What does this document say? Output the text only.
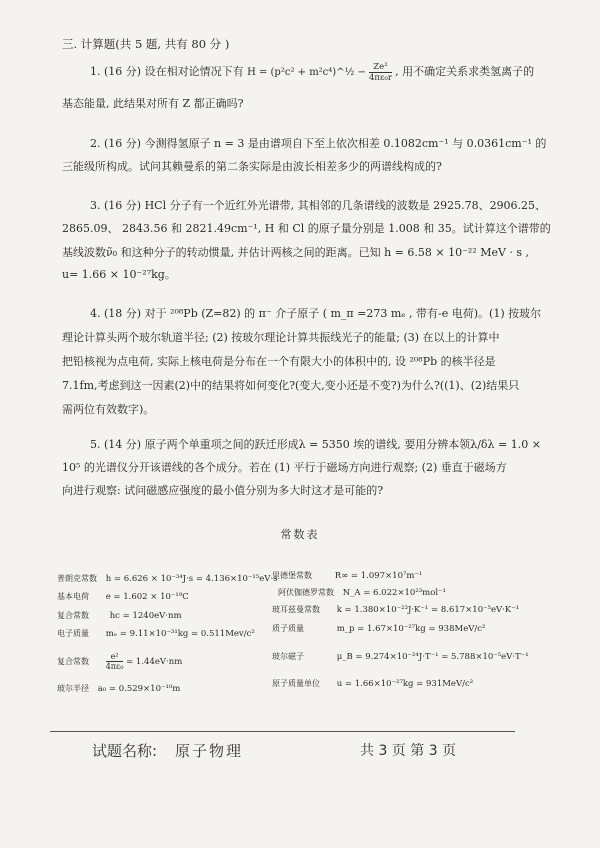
三. 计算题(共 5 题, 共有 80 分 )
1. (16 分) 设在相对论情况下有 H = (p²c² + m²c⁴)^½ − $\frac{\text{Ze²}}{\text{4πε₀r}}$ , 用不确定关系求类氢离子的
基态能量, 此结果对所有 Z 都正确吗?
2. (16 分) 今测得氢原子 n = 3 是由谱项自下至上依次相差 0.1082cm⁻¹ 与 0.0361cm⁻¹ 的
三能级所构成。试问其赖曼系的第二条实际是由波长相差多少的两谱线构成的?
3. (16 分) HCl 分子有一个近红外光谱带, 其相邻的几条谱线的波数是 2925.78、2906.25、
2865.09、 2843.56 和 2821.49cm⁻¹, H 和 Cl 的原子量分别是 1.008 和 35。试计算这个谱带的
基线波数ν̃₀ 和这种分子的转动惯量, 并估计两核之间的距离。已知 h = 6.58 × 10⁻²² MeV · s ,
u= 1.66 × 10⁻²⁷kg。
4. (18 分) 对于 ²⁰⁸Pb (Z=82) 的 π⁻ 介子原子 ( m_π =273 mₑ , 带有-e 电荷)。(1) 按玻尔
理论计算头两个玻尔轨道半径; (2) 按玻尔理论计算共振线光子的能量; (3) 在以上的计算中
把铅核视为点电荷, 实际上核电荷是分布在一个有限大小的体积中的, 设 ²⁰⁸Pb 的核半径是
7.1fm,考虑到这一因素(2)中的结果将如何变化?(变大,变小还是不变?)为什么?((1)、(2)结果只
需两位有效数字)。
5. (14 分) 原子两个单重项之间的跃迁形成λ = 5350 埃的谱线, 要用分辨本领λ/δλ = 1.0 ×
10⁵ 的光谱仪分开该谱线的各个成分。若在 (1) 平行于磁场方向进行观察; (2) 垂直于磁场方
向进行观察: 试问磁感应强度的最小值分别为多大时这才是可能的?
常数表
普朗克常数 h = 6.626 × 10⁻³⁴J·s = 4.136×10⁻¹⁵eV·s
基本电荷 e = 1.602 × 10⁻¹⁹C
复合常数 hc = 1240eV·nm
电子质量 mₑ = 9.11×10⁻³¹kg = 0.511Mev/c²
复合常数 $\frac{\text{e²}}{\text{4πε₀}} = 1.44eV\cdot nm$
玻尔半径 a₀ = 0.529×10⁻¹⁰m
里德堡常数	R∞ = 1.097×10⁷m⁻¹
阿伏伽德罗常数 N_A = 6.022×10²³mol⁻¹
玻耳兹曼常数 k = 1.380×10⁻²³J·K⁻¹ = 8.617×10⁻⁵eV·K⁻¹
质子质量	m_p = 1.67×10⁻²⁷kg = 938MeV/c²
玻尔磁子	μ_B = 9.274×10⁻²⁴J·T⁻¹ = 5.788×10⁻⁵eV·T⁻¹
原子质量单位 u = 1.66×10⁻²⁷kg = 931MeV/c²
试题名称: 原子物理	共 3 页 第 3 页
